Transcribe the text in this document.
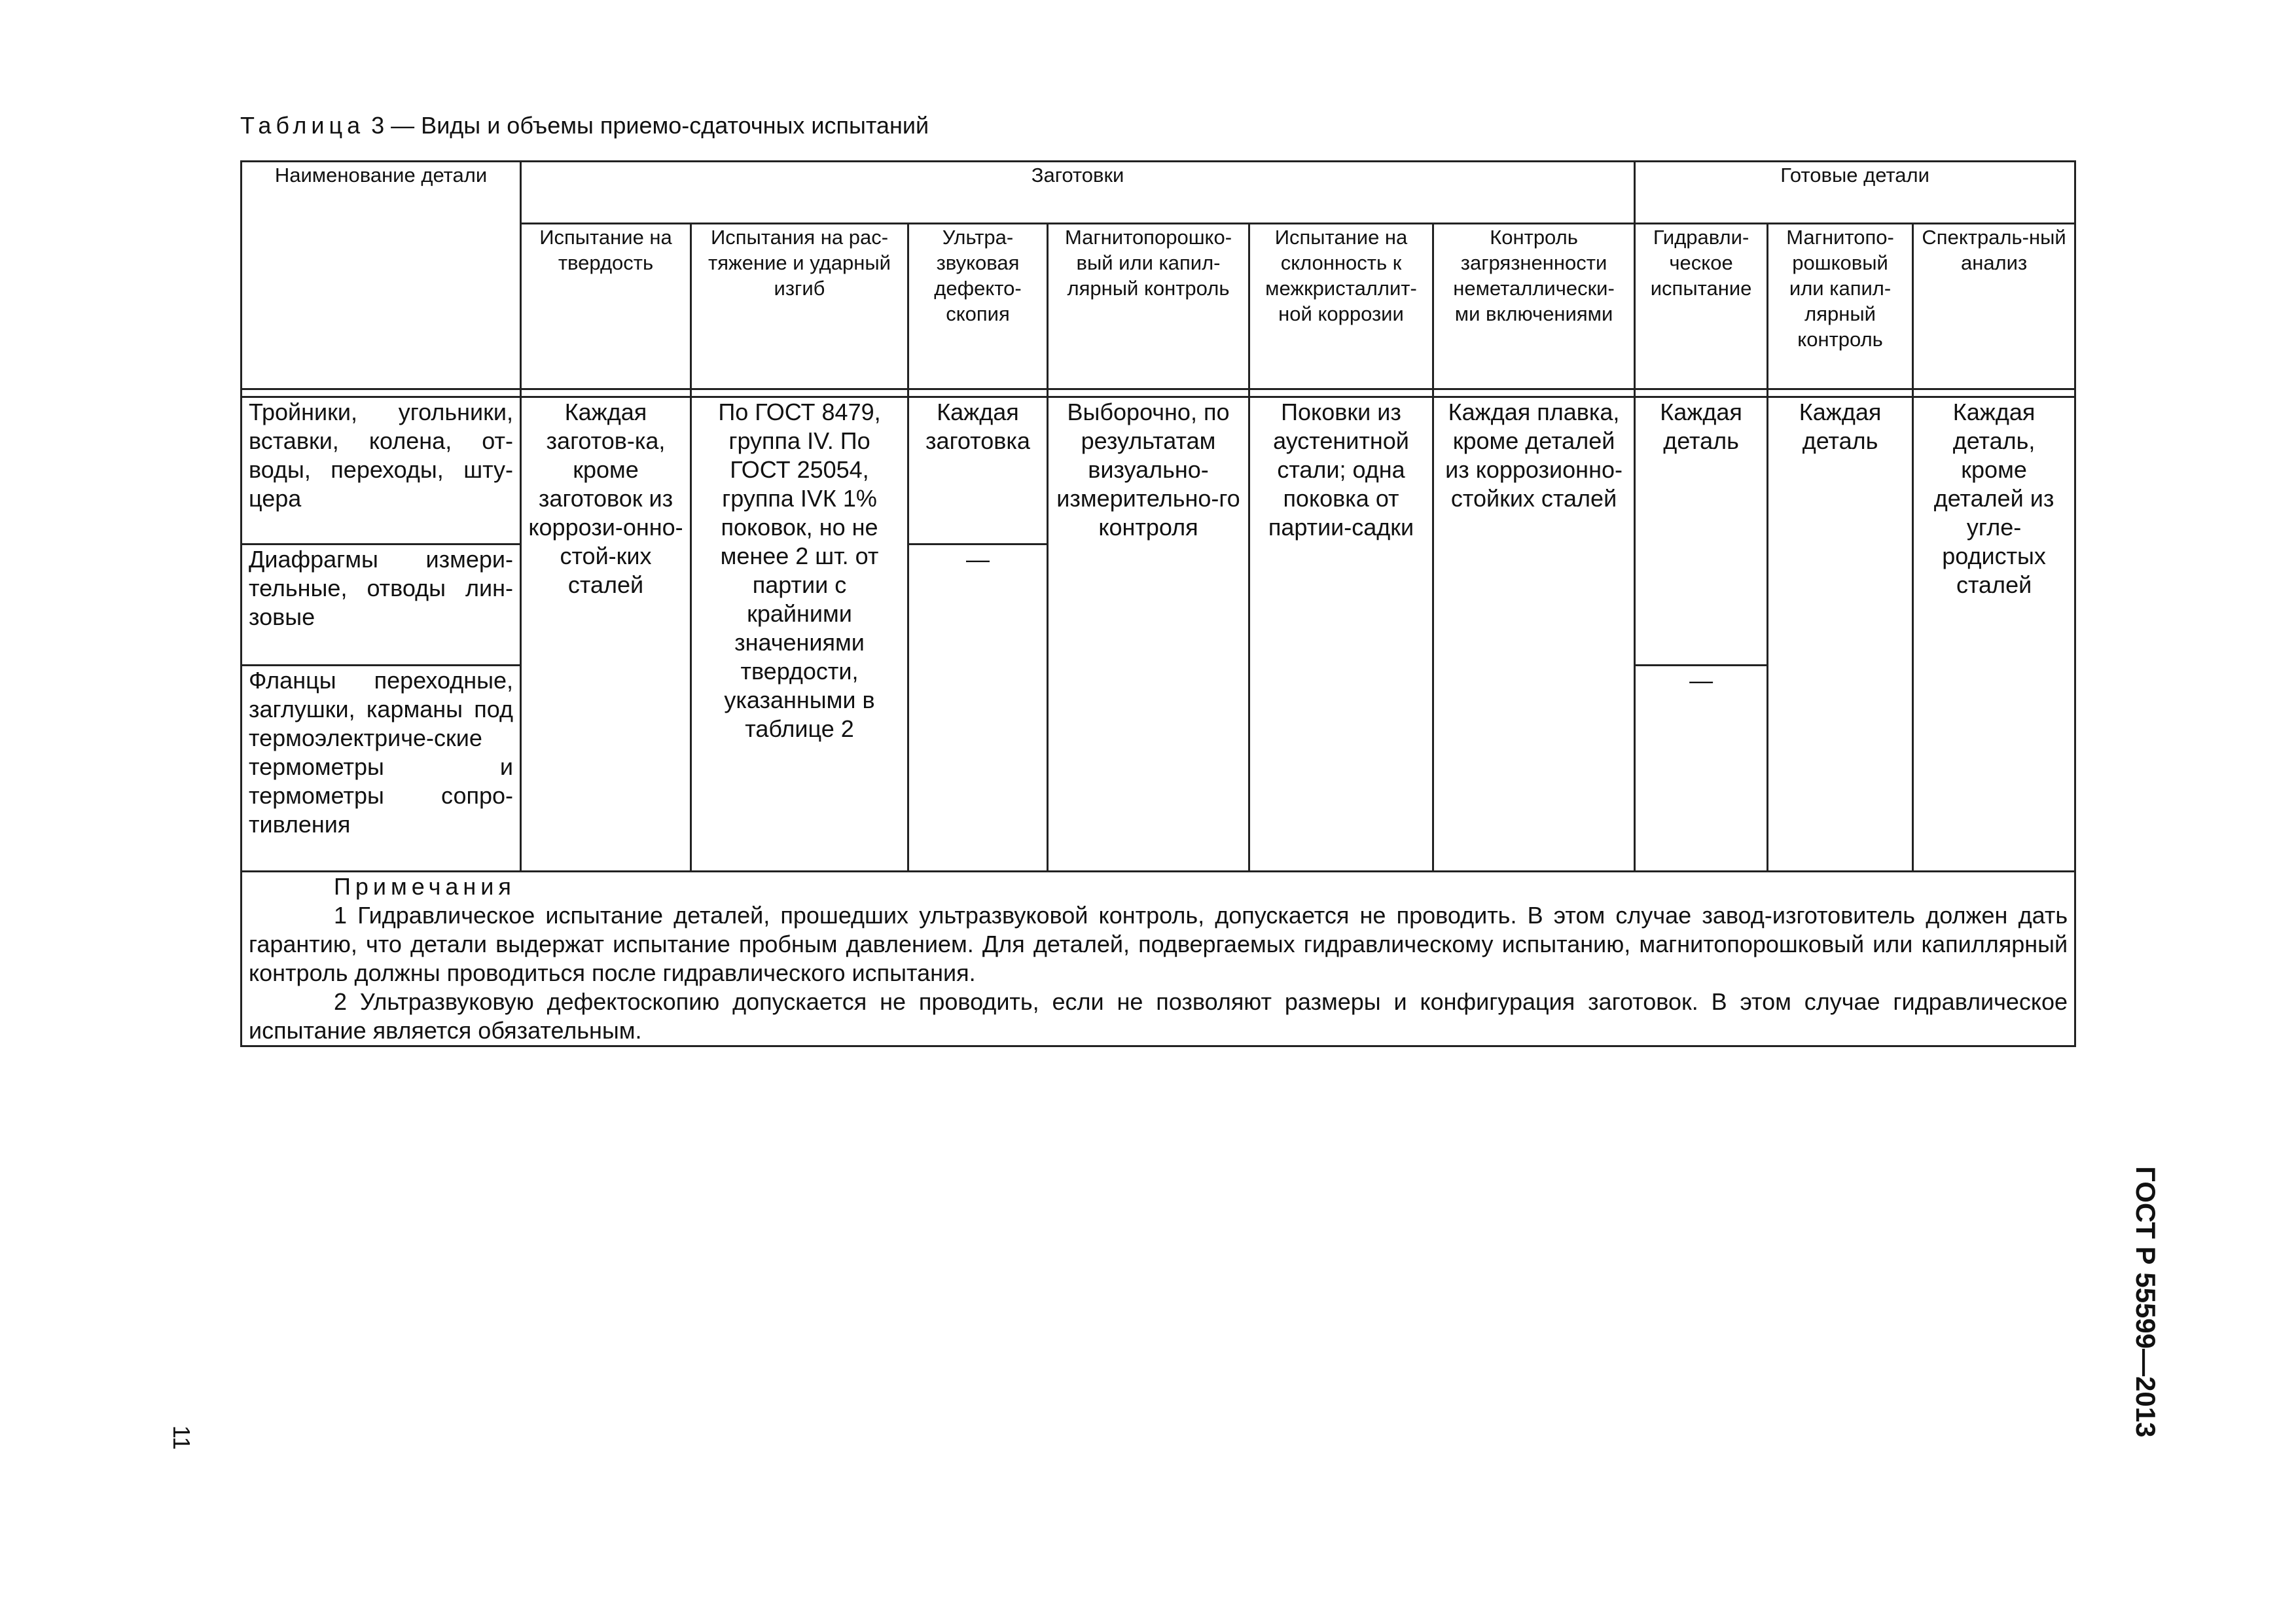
Таблица 3 — Виды и объемы приемо-сдаточных испытаний
Наименование детали	Заготовки						Готовые детали		
	Испытание на твердость	Испытания на рас-тяжение и ударный изгиб	Ультра-звуковая дефекто-скопия	Магнитопорошко-вый или капил-лярный контроль	Испытание на склонность к межкристаллит-ной коррозии	Контроль загрязненности неметаллически-ми включениями	Гидравли-ческое испытание	Магнитопо-рошковый или капил-лярный контроль	Спектраль-ный анализ

Тройники, угольники, вставки, колена, от-воды, переходы, шту-цера	Каждая заготов-ка, кроме заготовок из коррози-онно-стой-ких сталей	По ГОСТ 8479, группа IV. По ГОСТ 25054, группа IVК 1% поковок, но не менее 2 шт. от партии с крайними значениями твердости, указанными в таблице 2	Каждая заготовка	Выборочно, по результатам визуально-измерительно-го контроля	Поковки из аустенитной стали; одна поковка от партии-садки	Каждая плавка, кроме деталей из коррозионно-стойких сталей	Каждая деталь	Каждая деталь	Каждая деталь, кроме деталей из угле-родистых сталей
Диафрагмы измери-тельные, отводы лин-зовые			—						
Фланцы переходные, заглушки, карманы под термоэлектриче-ские термометры и термометры сопро-тивления							—		

Примечания

1 Гидравлическое испытание деталей, прошедших ультразвуковой контроль, допускается не проводить. В этом случае завод-изготовитель должен дать гарантию, что детали выдержат испытание пробным давлением. Для деталей, подвергаемых гидравлическому испытанию, магнитопорошковый или капиллярный контроль должны проводиться после гидравлического испытания.

2 Ультразвуковую дефектоскопию допускается не проводить, если не позволяют размеры и конфигурация заготовок. В этом случае гидравлическое испытание является обязательным.									

11
ГОСТ Р 55599—2013
